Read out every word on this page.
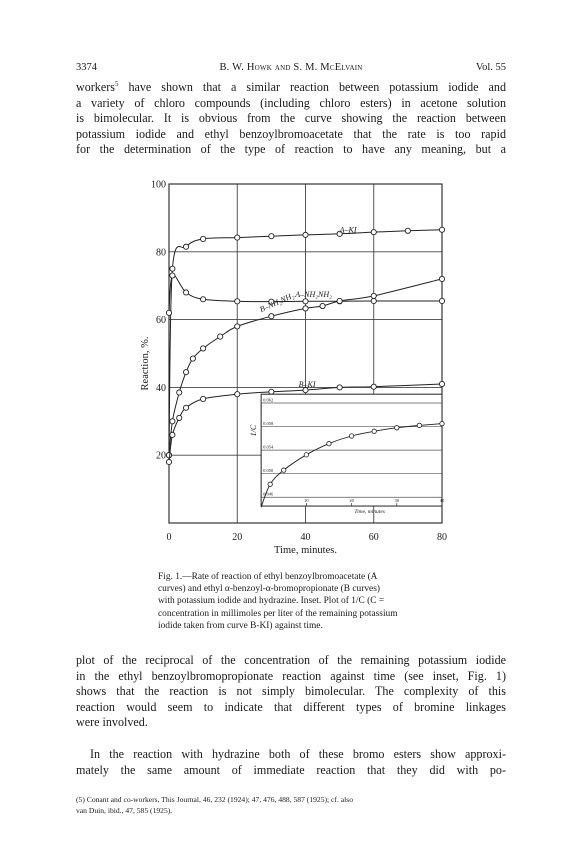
3374	B. W. Howk and S. M. McElvain	Vol. 55
workers$^5$ have shown that a similar reaction between potassium iodide and
a variety of chloro compounds (including chloro esters) in acetone solution
is bimolecular. It is obvious from the curve showing the reaction between
potassium iodide and ethyl benzoylbromoacetate that the rate is too rapid
for the determination of the type of reaction to have any meaning, but a
20
40
60
80
100
0	20	40	60	80
Time, minutes.
Reaction, %.
A–KI
A–NH₂NH₂
B–NH₂NH₂
B–KI
0.046
0.050
0.054
0.058
0.062
10	20	30	40
Time, minutes
1/C
Fig. 1.—Rate of reaction of ethyl benzoylbromoacetate (A
curves) and ethyl α-benzoyl-α-bromopropionate (B curves)
with potassium iodide and hydrazine. Inset. Plot of 1/C (C =
concentration in millimoles per liter of the remaining potassium
iodide taken from curve B-KI) against time.
plot of the reciprocal of the concentration of the remaining potassium iodide
in the ethyl benzoylbromopropionate reaction against time (see inset, Fig. 1)
shows that the reaction is not simply bimolecular. The complexity of this
reaction would seem to indicate that different types of bromine linkages
were involved.
In the reaction with hydrazine both of these bromo esters show approxi-
mately the same amount of immediate reaction that they did with po-
(5) Conant and co-workers, This Journal, 46, 232 (1924); 47, 476, 488, 587 (1925); cf. also
van Duin, ibid., 47, 585 (1925).
